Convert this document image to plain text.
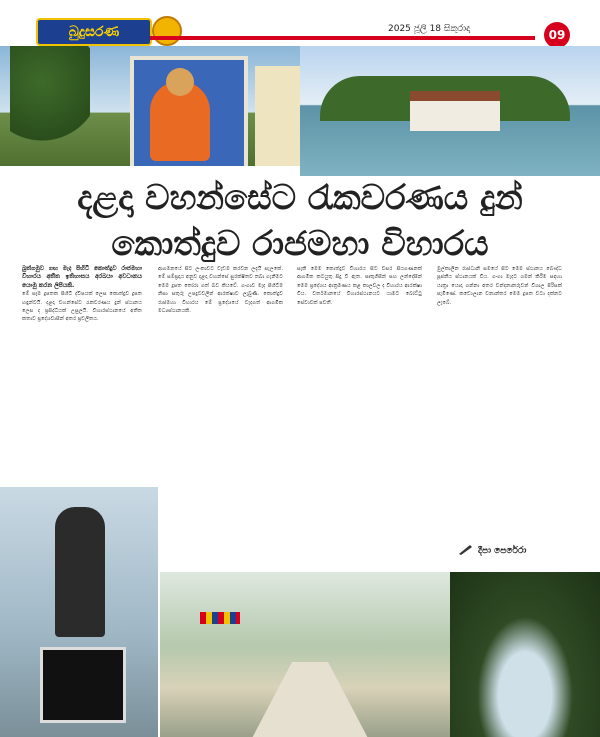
බුදුසරණ	2025 ජූලි 18 සිකුරාදා	09
දළදා වහන්සේට රැකවරණය දුන්
කොත්දුව රාජමහා විහාරය
බුත්ගමුව ගඟ මැද පිහිටි කොත්දුව රාජමහා විහාරය අතීත ඉතිහාසය අරබයා අවධානය යොමු කරන ලිපියකි.
මේ සෑම දූපතක පිහිටි ද්වීපයක් ලෙස කොත්දුව දූපත හඳුන්වයි. දළදා වහන්සේට රැකවරණය දුන් ස්ථානය ලෙස ද ප්‍රසිද්ධියක් උසුලයි. විහාරස්ථානයේ අතීත කතාව ප්‍රදේශවාසීන් අතර ප්‍රචලිතය.
ආගමනයේ සිට ලංකාවට වැඩම කරවන ලදැයි සැලකේ. මේ සම්ප්‍රදාය අනුව දළදා වහන්සේ සුරක්ෂිතව තබා ගැනීමට මෙම දූපත තෝරා ගත් බව කියවේ. ගංගාව මැද පිහිටීම නිසා සතුරු උපද්‍රවවලින් ආරක්ෂාව ලැබුණි. කොත්දුව රාජමහා විහාරය මේ ප්‍රදේශයේ වැදගත් ආගමික මධ්‍යස්ථානයකි.
සැකි මෙම කොත්දුව විහාරය සිට වසර සියගණනක් ආගමික කටයුතු සිදු වී ඇත. පෘතුගීසීන් සහ ලන්දේසීන් මෙම ප්‍රදේශය ආක්‍රමණය කළ කාලවල ද විහාරය ආරක්ෂා විය. වර්තමානයේ විහාරස්ථානයට යාමට බෝට්ටු සේවාවක් පවතී.
මුල්කාලීන රාජධානි සමයේ සිට මෙම ස්ථානය බෞද්ධ පූජනීය ස්ථානයක් විය. ගංගා මැදට ගමන් කිරීම සඳහා යාත්‍රා යොදා ගන්නා අතර වන්දනාකරුවන් විශාල පිරිසක් පැමිණේ. කඩොලාන වනාන්තර මෙම දූපත වටා දක්නට ලැබේ.
දීපා පෙරේරා
